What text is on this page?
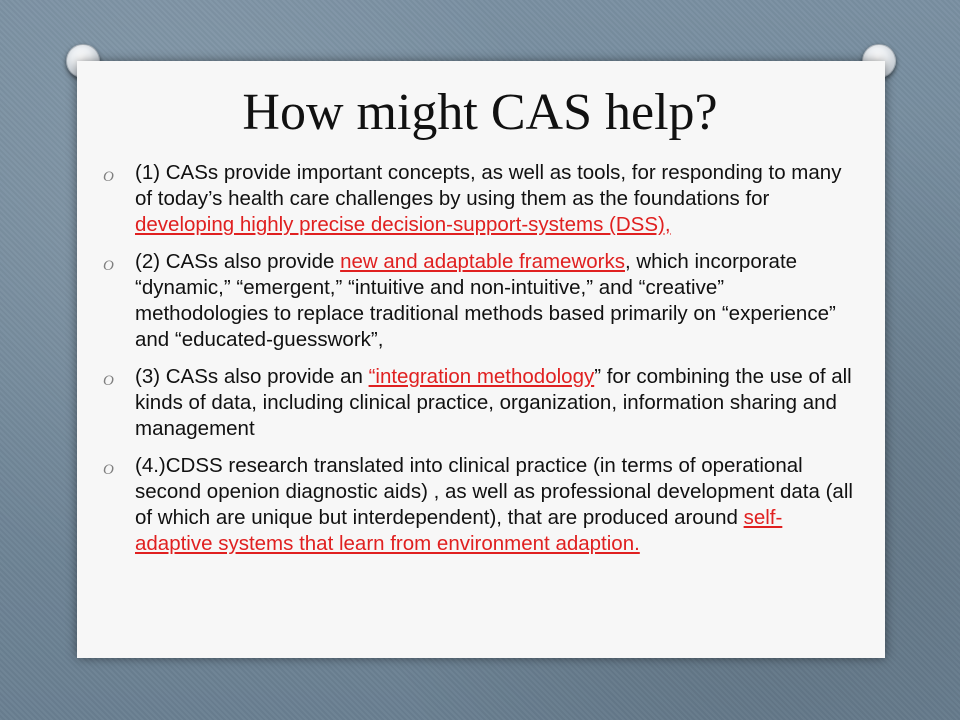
How might CAS help?
O (1) CASs provide important concepts, as well as tools, for responding to many of today’s health care challenges by using them as the foundations for developing highly precise decision-support-systems (DSS),
O (2) CASs also provide new and adaptable frameworks, which incorporate “dynamic,” “emergent,” “intuitive and non-intuitive,” and “creative” methodologies to replace traditional methods based primarily on “experience” and “educated-guesswork”,
O (3) CASs also provide an “integration methodology” for combining the use of all kinds of data, including clinical practice, organization, information sharing and management
O (4.)CDSS research translated into clinical practice (in terms of operational second openion diagnostic aids) , as well as professional development data (all of which are unique but interdependent), that are produced around self-adaptive systems that learn from environment adaption.
